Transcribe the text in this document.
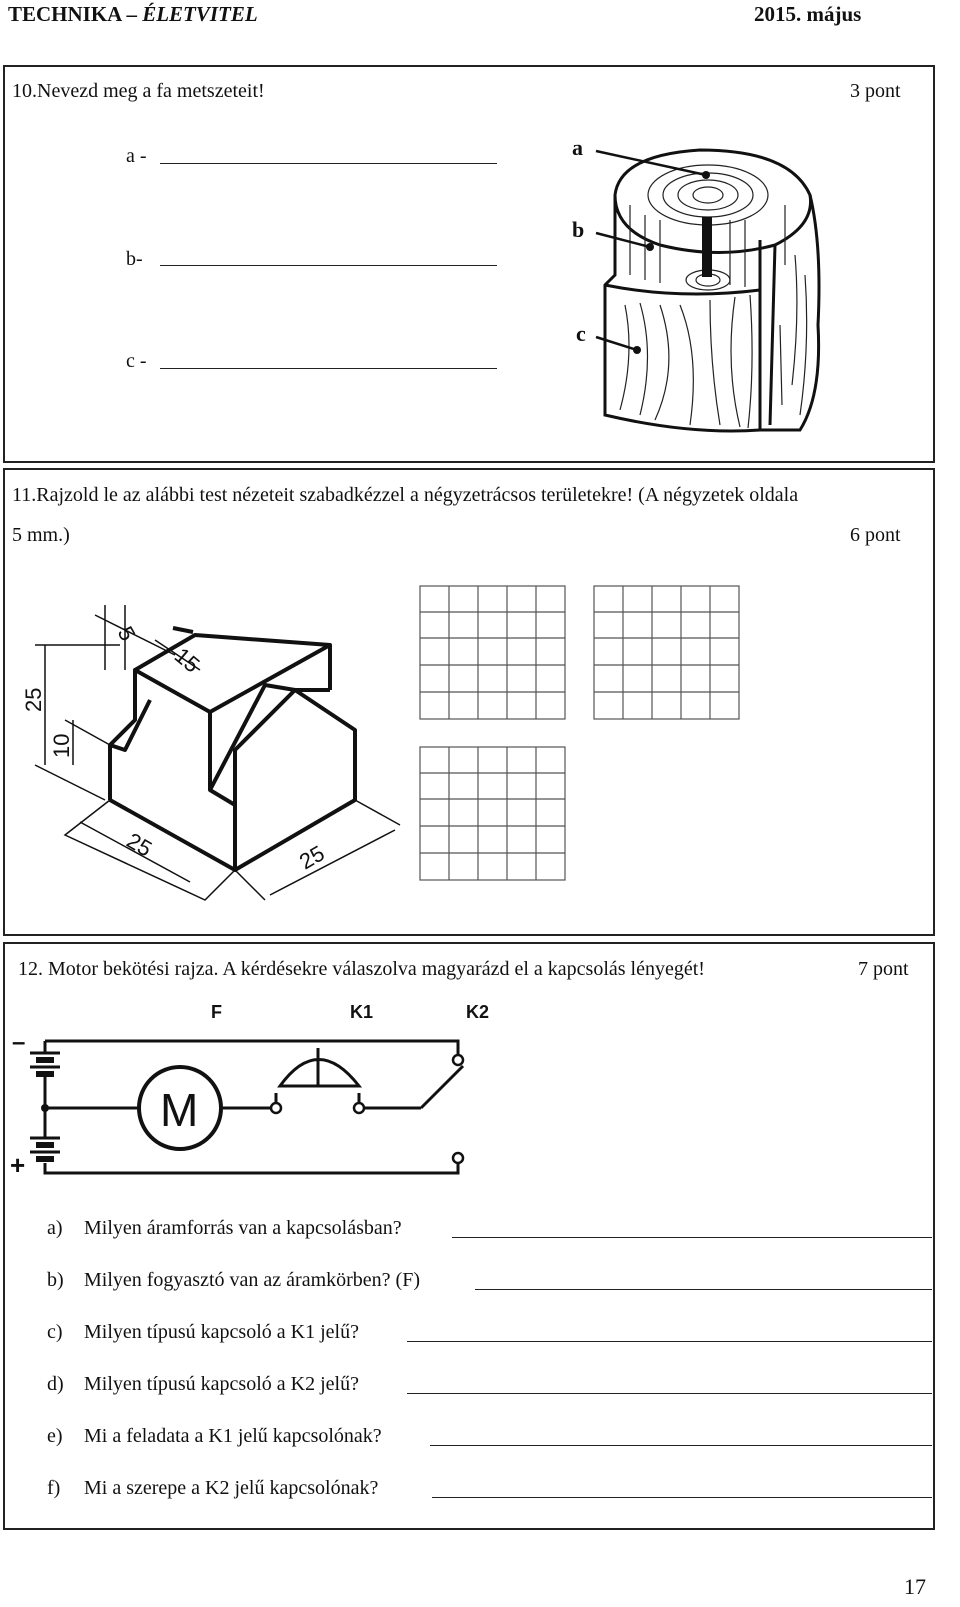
TECHNIKA – ÉLETVITEL	2015. május
10.Nevezd meg a fa metszeteit!	3 pont
a -
b-
c -
a
b
c
11.Rajzold le az alábbi test nézeteit szabadkézzel a négyzetrácsos területekre! (A négyzetek oldala
5 mm.)	6 pont
5
15
25
10
25	25
12. Motor bekötési rajza. A kérdésekre válaszolva magyarázd el a kapcsolás lényegét!	7 pont
M
F	K1	K2
–
+
a) Milyen áramforrás van a kapcsolásban?
b) Milyen fogyasztó van az áramkörben? (F)
c) Milyen típusú kapcsoló a K1 jelű?
d) Milyen típusú kapcsoló a K2 jelű?
e) Mi a feladata a K1 jelű kapcsolónak?
f) Mi a szerepe a K2 jelű kapcsolónak?
17
